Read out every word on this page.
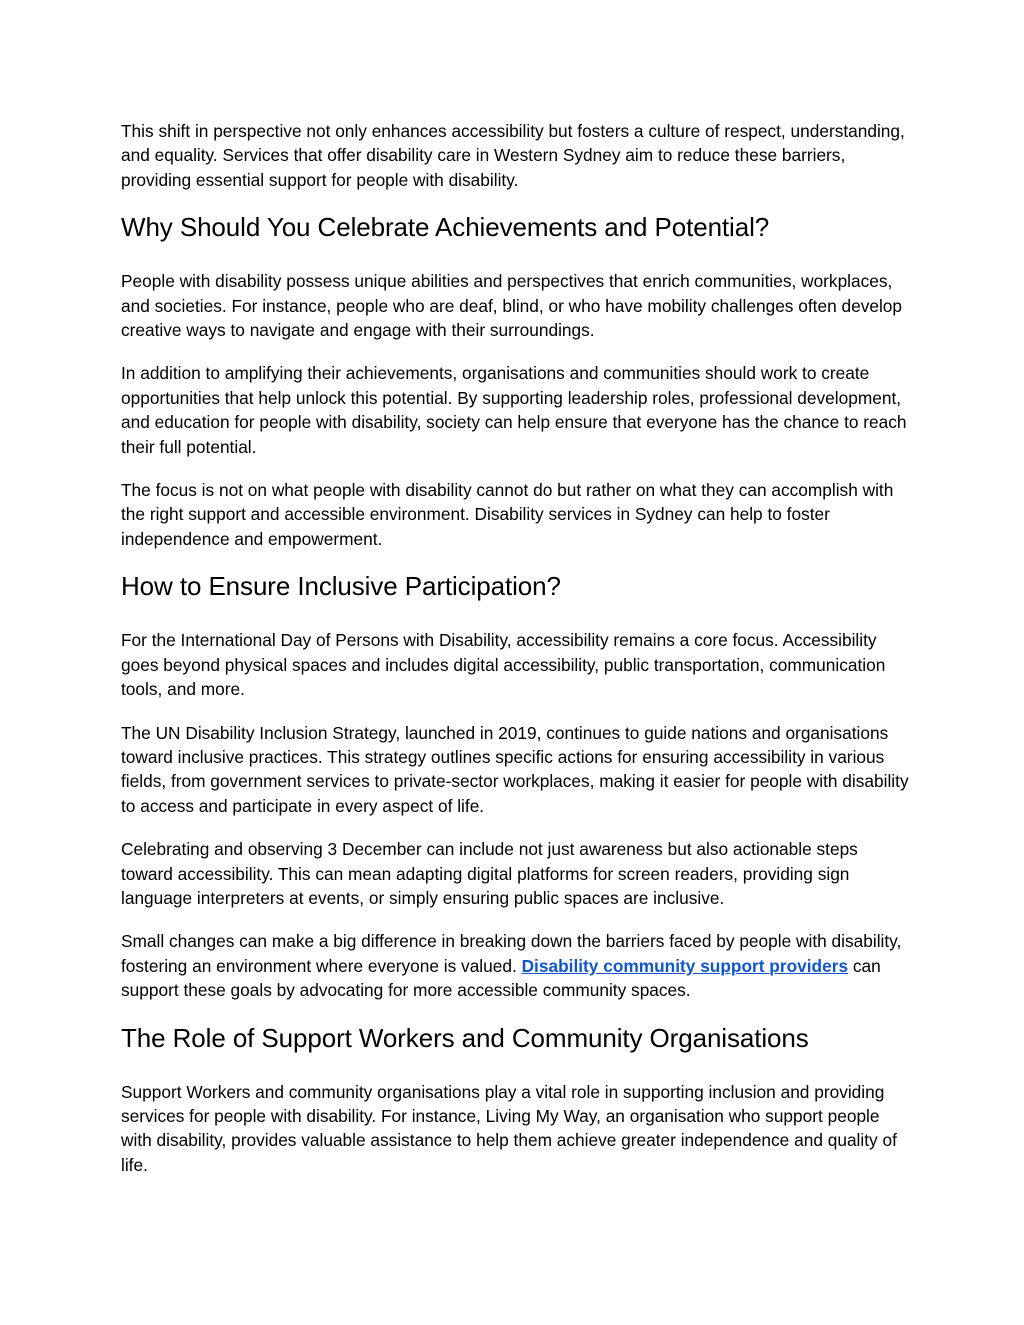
This shift in perspective not only enhances accessibility but fosters a culture of respect, understanding, and equality. Services that offer disability care in Western Sydney aim to reduce these barriers, providing essential support for people with disability.

Why Should You Celebrate Achievements and Potential?

People with disability possess unique abilities and perspectives that enrich communities, workplaces, and societies. For instance, people who are deaf, blind, or who have mobility challenges often develop creative ways to navigate and engage with their surroundings.

In addition to amplifying their achievements, organisations and communities should work to create opportunities that help unlock this potential. By supporting leadership roles, professional development, and education for people with disability, society can help ensure that everyone has the chance to reach their full potential.

The focus is not on what people with disability cannot do but rather on what they can accomplish with the right support and accessible environment. Disability services in Sydney can help to foster independence and empowerment.

How to Ensure Inclusive Participation?

For the International Day of Persons with Disability, accessibility remains a core focus. Accessibility goes beyond physical spaces and includes digital accessibility, public transportation, communication tools, and more.

The UN Disability Inclusion Strategy, launched in 2019, continues to guide nations and organisations toward inclusive practices. This strategy outlines specific actions for ensuring accessibility in various fields, from government services to private-sector workplaces, making it easier for people with disability to access and participate in every aspect of life.

Celebrating and observing 3 December can include not just awareness but also actionable steps toward accessibility. This can mean adapting digital platforms for screen readers, providing sign language interpreters at events, or simply ensuring public spaces are inclusive.

Small changes can make a big difference in breaking down the barriers faced by people with disability, fostering an environment where everyone is valued. Disability community support providers can support these goals by advocating for more accessible community spaces.

The Role of Support Workers and Community Organisations

Support Workers and community organisations play a vital role in supporting inclusion and providing services for people with disability. For instance, Living My Way, an organisation who support people with disability, provides valuable assistance to help them achieve greater independence and quality of life.
